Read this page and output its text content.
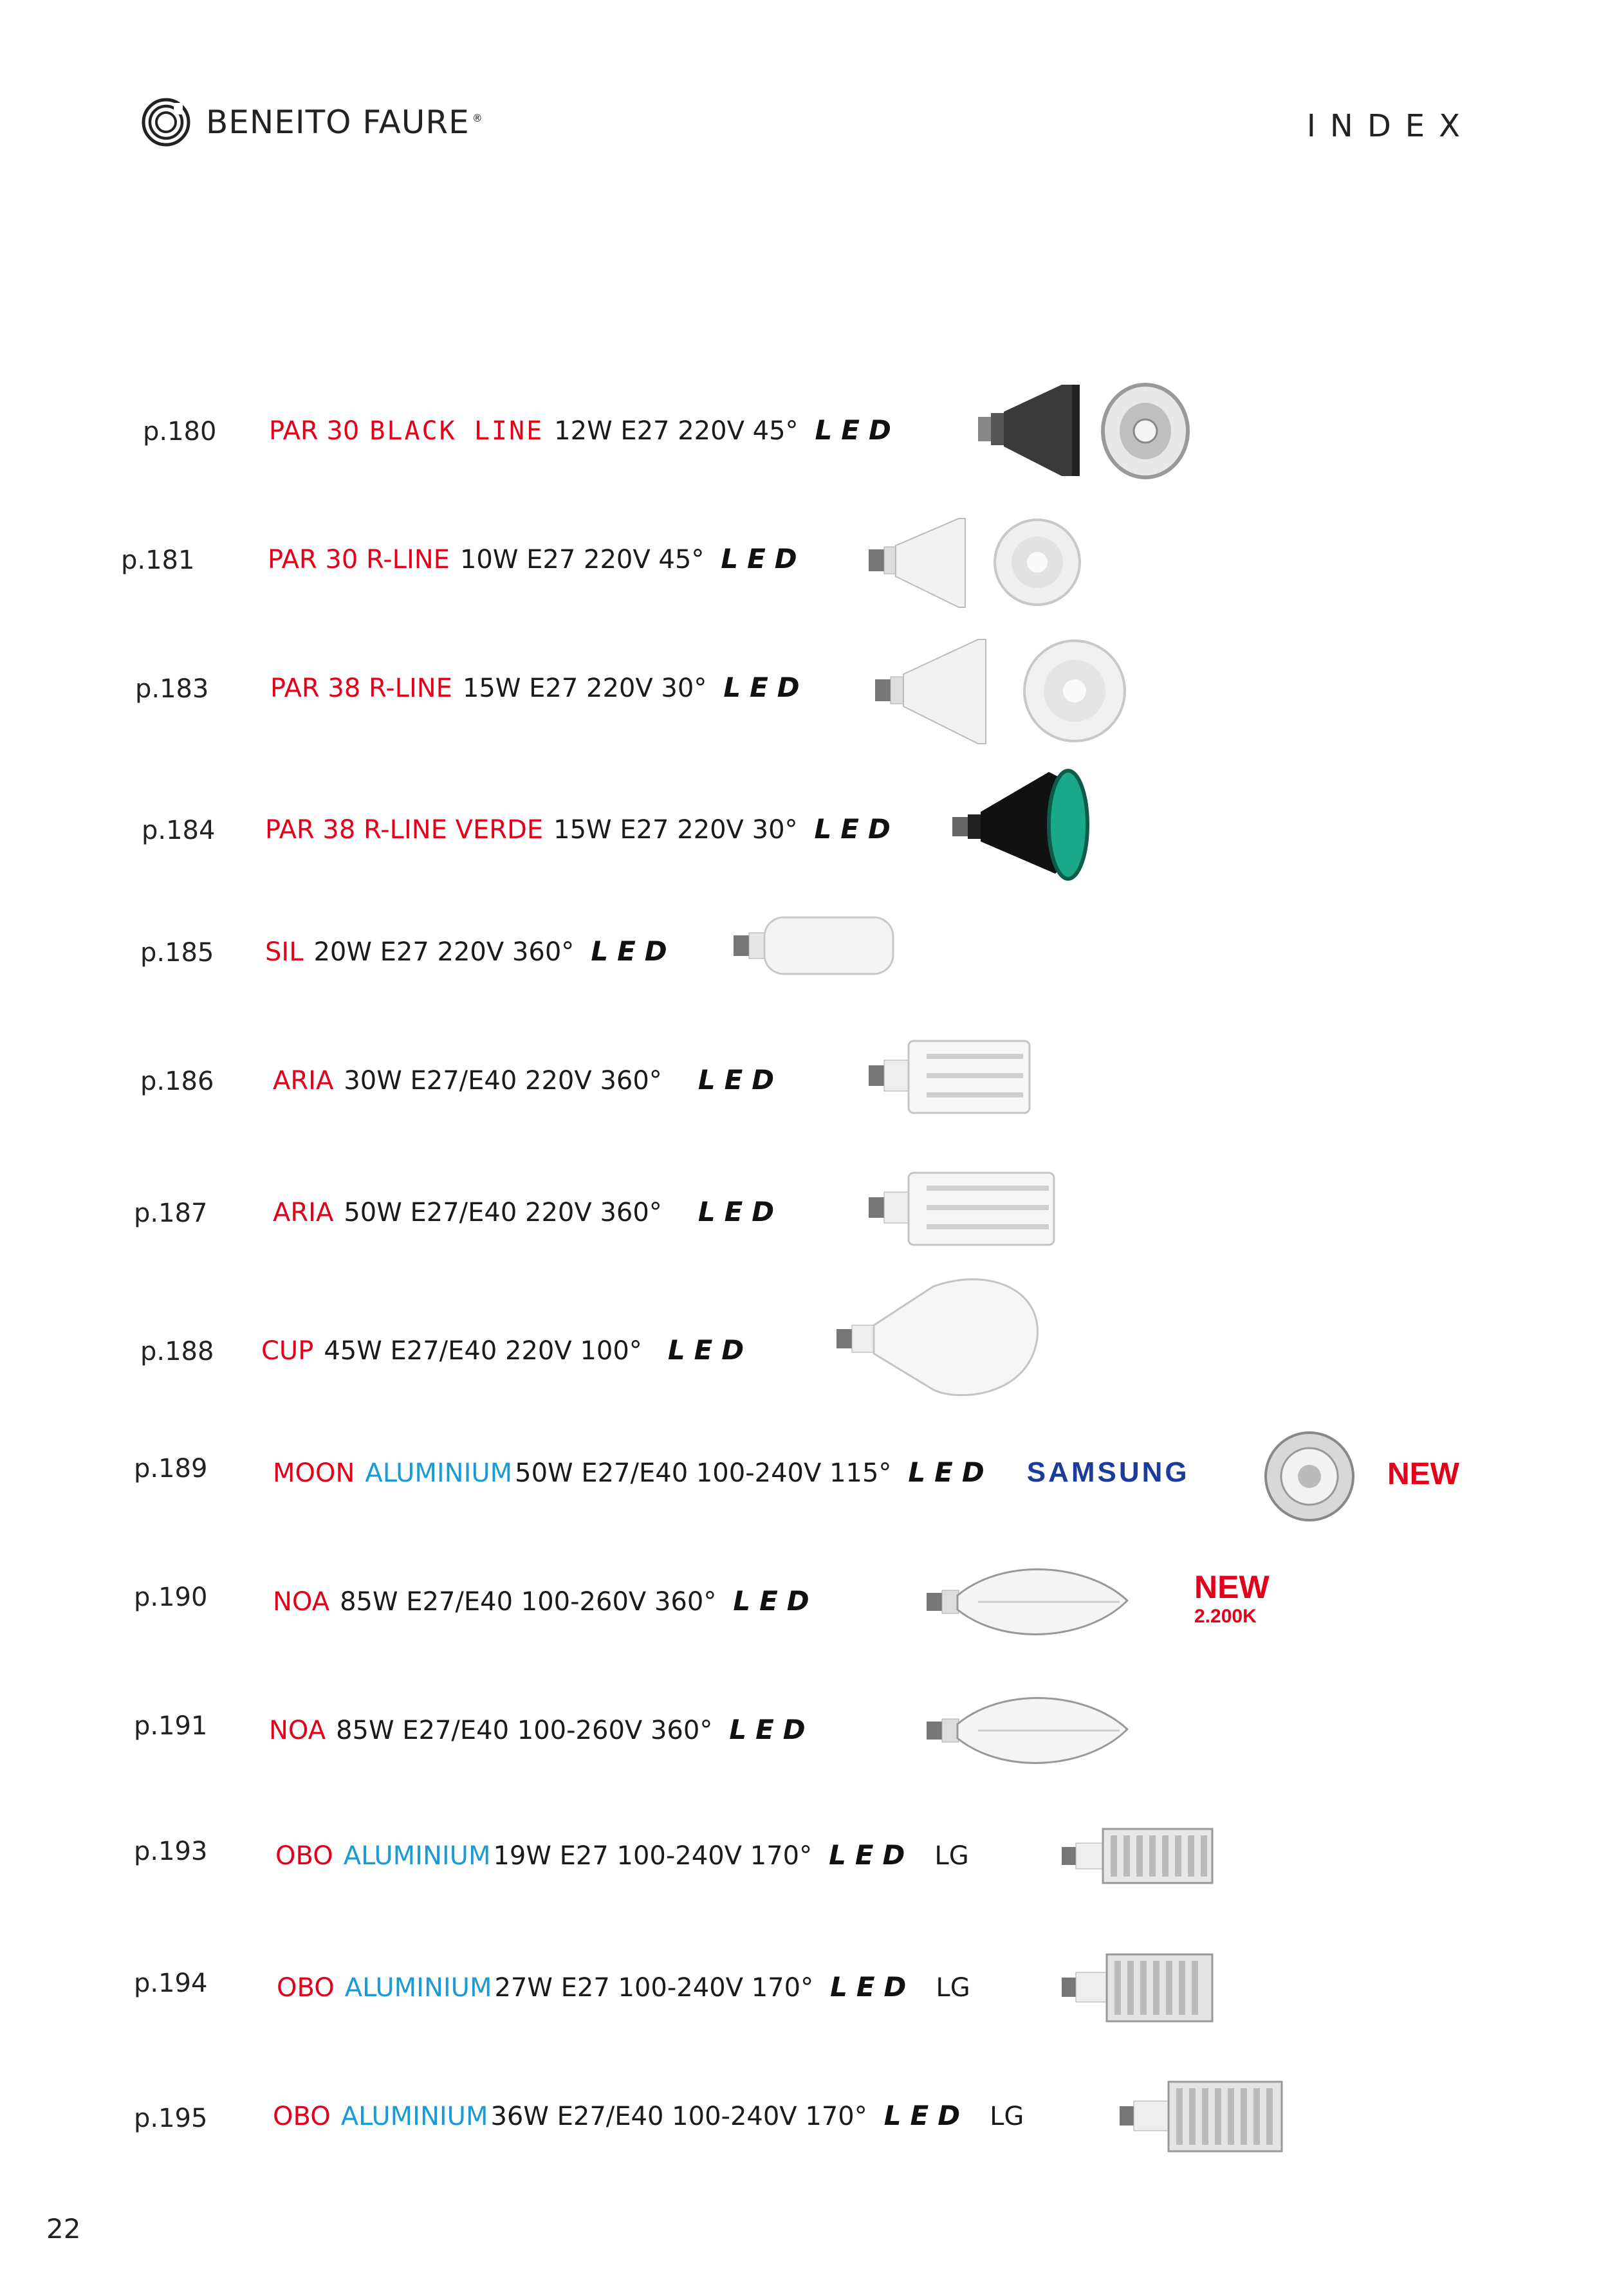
BENEITO FAURE ®	INDEX
p.180 PAR 30 BLACK LINE 12W E27 220V 45° LED
p.181	PAR 30 R-LINE 10W E27 220V 45° LED
p.183 PAR 38 R-LINE 15W E27 220V 30° LED
p.184 PAR 38 R-LINE VERDE 15W E27 220V 30° LED
p.185 SIL 20W E27 220V 360° LED
p.186 ARIA 30W E27/E40 220V 360° LED
p.187	ARIA 50W E27/E40 220V 360° LED
p.188 CUP 45W E27/E40 220V 100° LED
p.189	MOON ALUMINIUM 50W E27/E40 100-240V 115° LED SAMSUNG	NEW
p.190	NOA 85W E27/E40 100-260V 360° LED	NEW
2.200K
p.191 NOA 85W E27/E40 100-260V 360° LED
p.193	OBO ALUMINIUM 19W E27 100-240V 170° LED LG
p.194	OBO ALUMINIUM 27W E27 100-240V 170° LED LG
p.195	OBO ALUMINIUM 36W E27/E40 100-240V 170° LED LG
22
